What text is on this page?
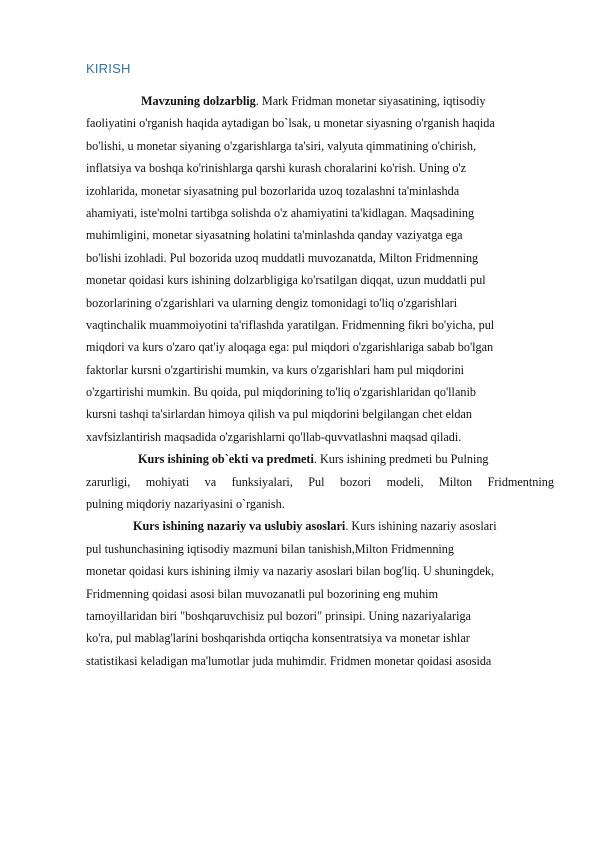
KIRISH
Mavzuning dolzarblig. Mark Fridman monetar siyasatining, iqtisodiy
faoliyatini o'rganish haqida aytadigan bo`lsak, u monetar siyasning o'rganish haqida
bo'lishi, u monetar siyaning o'zgarishlarga ta'siri, valyuta qimmatining o'chirish,
inflatsiya va boshqa ko'rinishlarga qarshi kurash choralarini ko'rish. Uning o'z
izohlarida, monetar siyasatning pul bozorlarida uzoq tozalashni ta'minlashda
ahamiyati, iste'molni tartibga solishda o'z ahamiyatini ta'kidlagan. Maqsadining
muhimligini, monetar siyasatning holatini ta'minlashda qanday vaziyatga ega
bo'lishi izohladi. Pul bozorida uzoq muddatli muvozanatda, Milton Fridmenning
monetar qoidasi kurs ishining dolzarbligiga ko'rsatilgan diqqat, uzun muddatli pul
bozorlarining o'zgarishlari va ularning dengiz tomonidagi to'liq o'zgarishlari
vaqtinchalik muammoiyotini ta'riflashda yaratilgan. Fridmenning fikri bo'yicha, pul
miqdori va kurs o'zaro qat'iy aloqaga ega: pul miqdori o'zgarishlariga sabab bo'lgan
faktorlar kursni o'zgartirishi mumkin, va kurs o'zgarishlari ham pul miqdorini
o'zgartirishi mumkin. Bu qoida, pul miqdorining to'liq o'zgarishlaridan qo'llanib
kursni tashqi ta'sirlardan himoya qilish va pul miqdorini belgilangan chet eldan
xavfsizlantirish maqsadida o'zgarishlarni qo'llab-quvvatlashni maqsad qiladi.
Kurs ishining ob`ekti va predmeti. Kurs ishining predmeti bu Pulning
zarurligi, mohiyati va funksiyalari, Pul bozori modeli, Milton Fridmentning
pulning miqdoriy nazariyasini o`rganish.
Kurs ishining nazariy va uslubiy asoslari. Kurs ishining nazariy asoslari
pul tushunchasining iqtisodiy mazmuni bilan tanishish,Milton Fridmenning
monetar qoidasi kurs ishining ilmiy va nazariy asoslari bilan bog'liq. U shuningdek,
Fridmenning qoidasi asosi bilan muvozanatli pul bozorining eng muhim
tamoyillaridan biri "boshqaruvchisiz pul bozori" prinsipi. Uning nazariyalariga
ko'ra, pul mablag'larini boshqarishda ortiqcha konsentratsiya va monetar ishlar
statistikasi keladigan ma'lumotlar juda muhimdir. Fridmen monetar qoidasi asosida
